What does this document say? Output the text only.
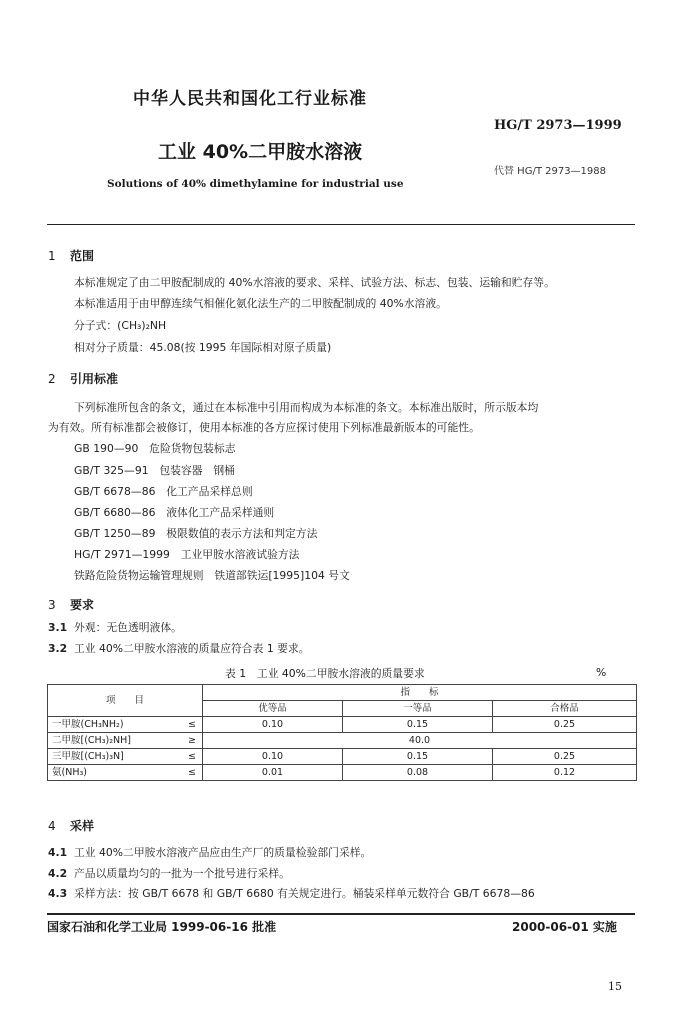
中华人民共和国化工行业标准
HG/T 2973—1999
工业 40%二甲胺水溶液
代替 HG/T 2973—1988
Solutions of 40% dimethylamine for industrial use
1 范围
本标准规定了由二甲胺配制成的 40%水溶液的要求、采样、试验方法、标志、包装、运输和贮存等。
本标准适用于由甲醇连续气相催化氨化法生产的二甲胺配制成的 40%水溶液。
分子式：(CH₃)₂NH
相对分子质量：45.08(按 1995 年国际相对原子质量)
2 引用标准
下列标准所包含的条文，通过在本标准中引用而构成为本标准的条文。本标准出版时，所示版本均
为有效。所有标准都会被修订，使用本标准的各方应探讨使用下列标准最新版本的可能性。
GB 190—90　危险货物包装标志
GB/T 325—91　包装容器　钢桶
GB/T 6678—86　化工产品采样总则
GB/T 6680—86　液体化工产品采样通则
GB/T 1250—89　极限数值的表示方法和判定方法
HG/T 2971—1999　工业甲胺水溶液试验方法
铁路危险货物运输管理规则　铁道部铁运[1995]104 号文
3 要求
3.1 外观：无色透明液体。
3.2 工业 40%二甲胺水溶液的质量应符合表 1 要求。
表 1　工业 40%二甲胺水溶液的质量要求	%
项　　目	指　　标		
	优等品	一等品	合格品
一甲胺(CH₃NH₂) ≤	0.10	0.15	0.25
二甲胺[(CH₃)₂NH] ≥	40.0		
三甲胺[(CH₃)₃N] ≤	0.10	0.15	0.25
氨(NH₃) ≤	0.01	0.08	0.12
4 采样
4.1 工业 40%二甲胺水溶液产品应由生产厂的质量检验部门采样。
4.2 产品以质量均匀的一批为一个批号进行采样。
4.3 采样方法：按 GB/T 6678 和 GB/T 6680 有关规定进行。桶装采样单元数符合 GB/T 6678—86
国家石油和化学工业局 1999-06-16 批准	2000-06-01 实施
15
